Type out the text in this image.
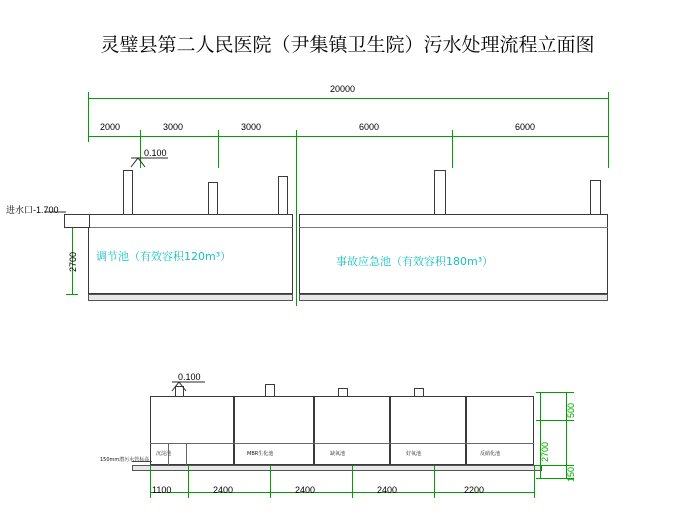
灵璧县第二人民医院（尹集镇卫生院）污水处理流程立面图
20000
2000	3000	3000	6000	6000
0.100
进水口-1.700
2700 调节池（有效容积120m³）	事故应急池（有效容积180m³）
0.100
沉淀池	MBR生化池	缺氧池	好氧池	反硝化池
150mm潜污水管标高
1100	2400	2400	2400	2200
500
2700
150
